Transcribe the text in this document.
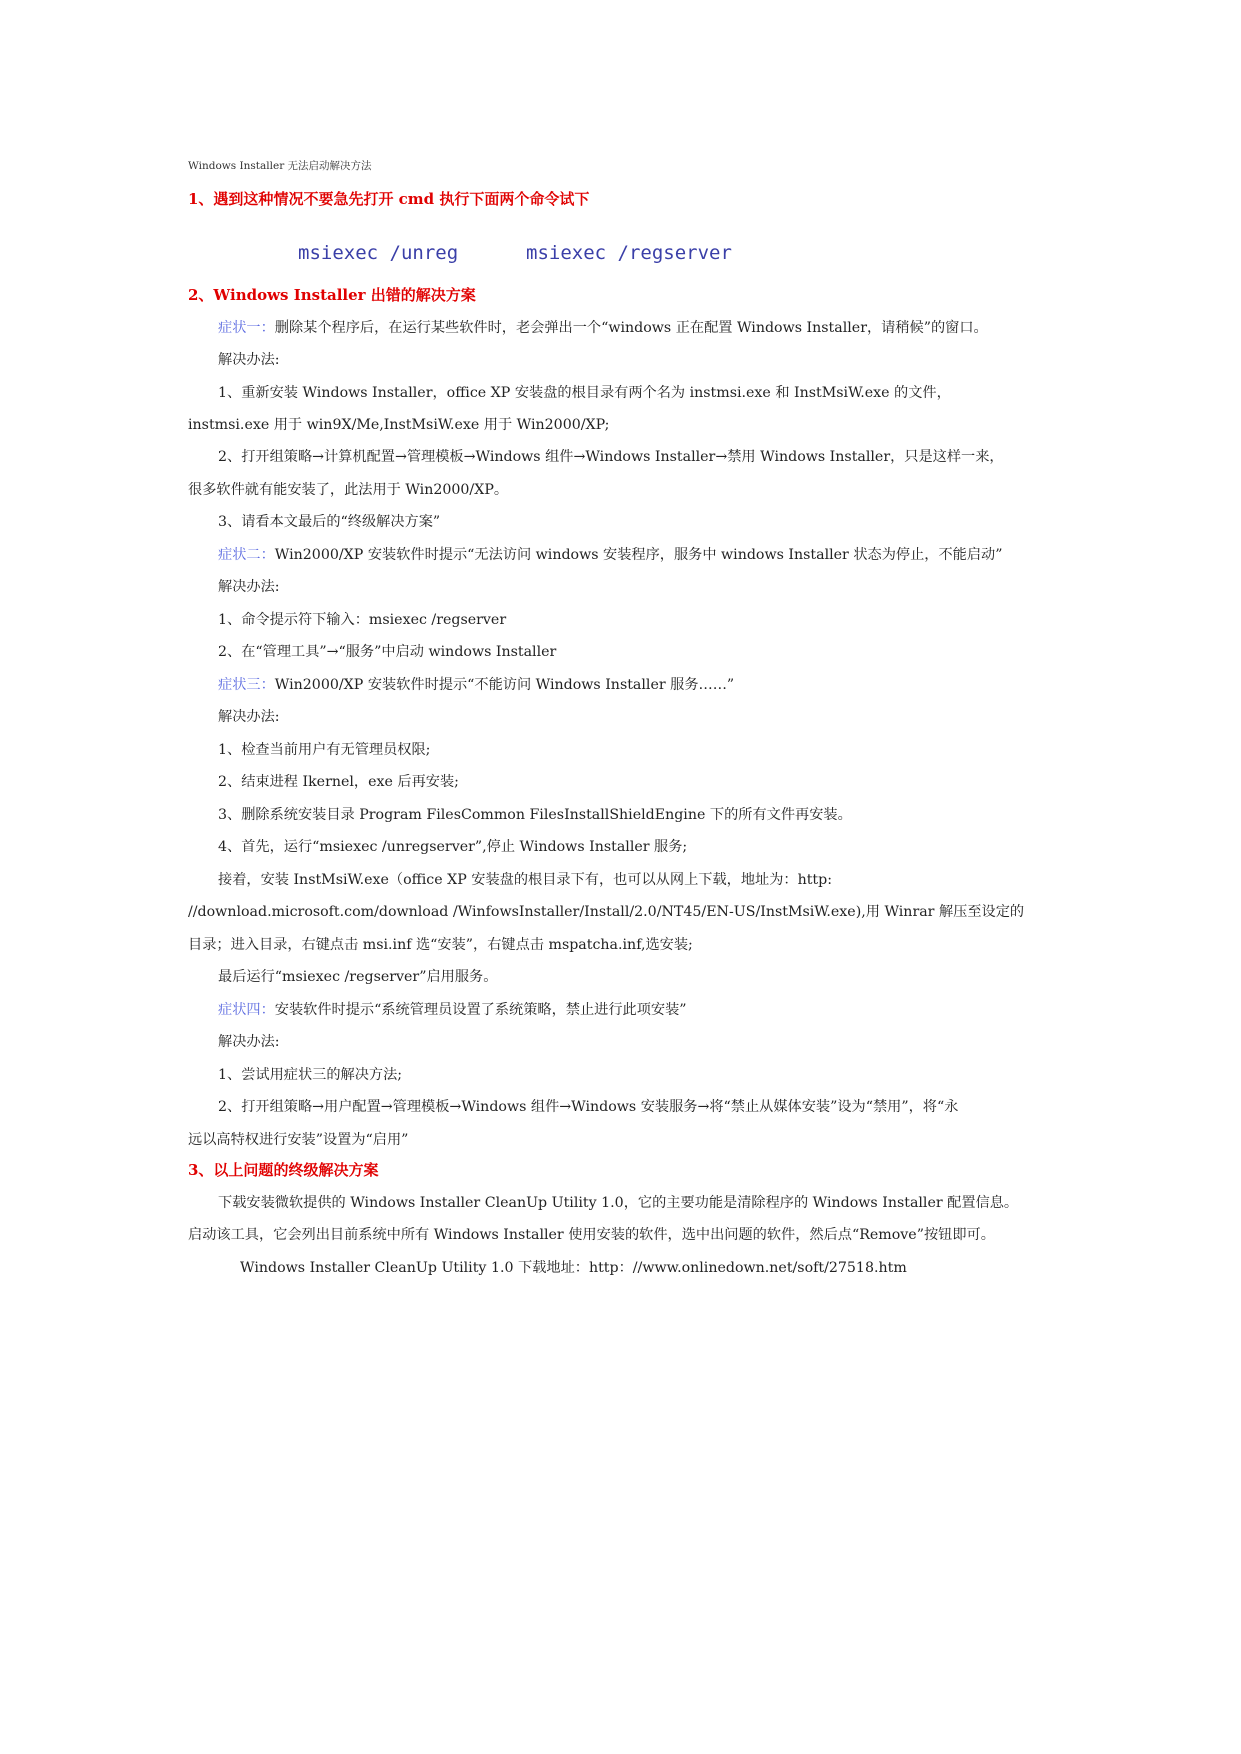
Windows Installer 无法启动解决方法
1、遇到这种情况不要急先打开 cmd 执行下面两个命令试下
msiexec /unreg	msiexec /regserver
2、Windows Installer 出错的解决方案
症状一：删除某个程序后，在运行某些软件时，老会弹出一个“windows 正在配置 Windows Installer，请稍候”的窗口。
解决办法:
1、重新安装 Windows Installer，office XP 安装盘的根目录有两个名为 instmsi.exe 和 InstMsiW.exe 的文件，
instmsi.exe 用于 win9X/Me,InstMsiW.exe 用于 Win2000/XP;
2、打开组策略→计算机配置→管理模板→Windows 组件→Windows Installer→禁用 Windows Installer，只是这样一来，
很多软件就有能安装了，此法用于 Win2000/XP。
3、请看本文最后的“终级解决方案”
症状二：Win2000/XP 安装软件时提示“无法访问 windows 安装程序，服务中 windows Installer 状态为停止，不能启动”
解决办法:
1、命令提示符下输入：msiexec /regserver
2、在“管理工具”→“服务”中启动 windows Installer
症状三：Win2000/XP 安装软件时提示“不能访问 Windows Installer 服务……”
解决办法:
1、检查当前用户有无管理员权限;
2、结束进程 Ikernel，exe 后再安装;
3、删除系统安装目录 Program FilesCommon FilesInstallShieldEngine 下的所有文件再安装。
4、首先，运行“msiexec /unregserver”,停止 Windows Installer 服务;
接着，安装 InstMsiW.exe（office XP 安装盘的根目录下有，也可以从网上下载，地址为：http:
//download.microsoft.com/download /WinfowsInstaller/Install/2.0/NT45/EN-US/InstMsiW.exe),用 Winrar 解压至设定的
目录；进入目录，右键点击 msi.inf 选“安装”，右键点击 mspatcha.inf,选安装;
最后运行“msiexec /regserver”启用服务。
症状四：安装软件时提示“系统管理员设置了系统策略，禁止进行此项安装”
解决办法:
1、尝试用症状三的解决方法;
2、打开组策略→用户配置→管理模板→Windows 组件→Windows 安装服务→将“禁止从媒体安装”设为“禁用”，将“永
远以高特权进行安装”设置为“启用”
3、以上问题的终级解决方案
下载安装微软提供的 Windows Installer CleanUp Utility 1.0，它的主要功能是清除程序的 Windows Installer 配置信息。
启动该工具，它会列出目前系统中所有 Windows Installer 使用安装的软件，选中出问题的软件，然后点“Remove”按钮即可。
Windows Installer CleanUp Utility 1.0 下载地址：http：//www.onlinedown.net/soft/27518.htm
